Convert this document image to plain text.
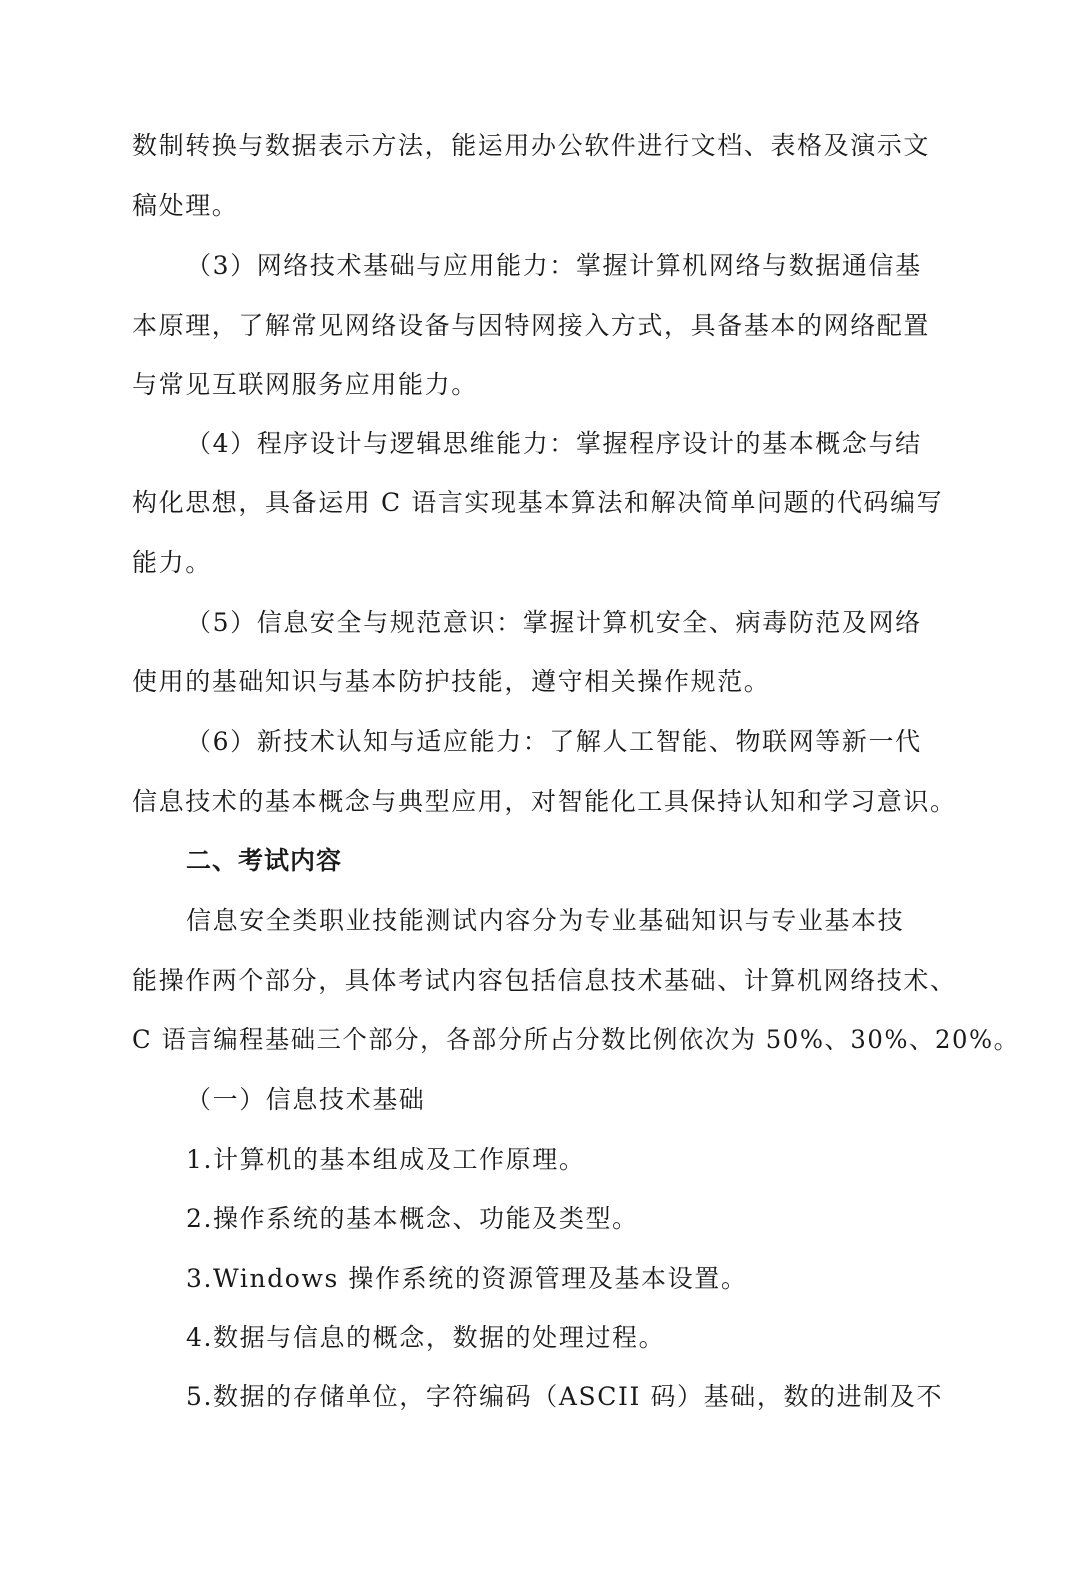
数制转换与数据表示方法，能运用办公软件进行文档、表格及演示文
稿处理。
（3）网络技术基础与应用能力：掌握计算机网络与数据通信基
本原理，了解常见网络设备与因特网接入方式，具备基本的网络配置
与常见互联网服务应用能力。
（4）程序设计与逻辑思维能力：掌握程序设计的基本概念与结
构化思想，具备运用 C 语言实现基本算法和解决简单问题的代码编写
能力。
（5）信息安全与规范意识：掌握计算机安全、病毒防范及网络
使用的基础知识与基本防护技能，遵守相关操作规范。
（6）新技术认知与适应能力：了解人工智能、物联网等新一代
信息技术的基本概念与典型应用，对智能化工具保持认知和学习意识。
二、考试内容
信息安全类职业技能测试内容分为专业基础知识与专业基本技
能操作两个部分，具体考试内容包括信息技术基础、计算机网络技术、
C 语言编程基础三个部分，各部分所占分数比例依次为 50%、30%、20%。
（一）信息技术基础
1.计算机的基本组成及工作原理。
2.操作系统的基本概念、功能及类型。
3.Windows 操作系统的资源管理及基本设置。
4.数据与信息的概念，数据的处理过程。
5.数据的存储单位，字符编码（ASCII 码）基础，数的进制及不
